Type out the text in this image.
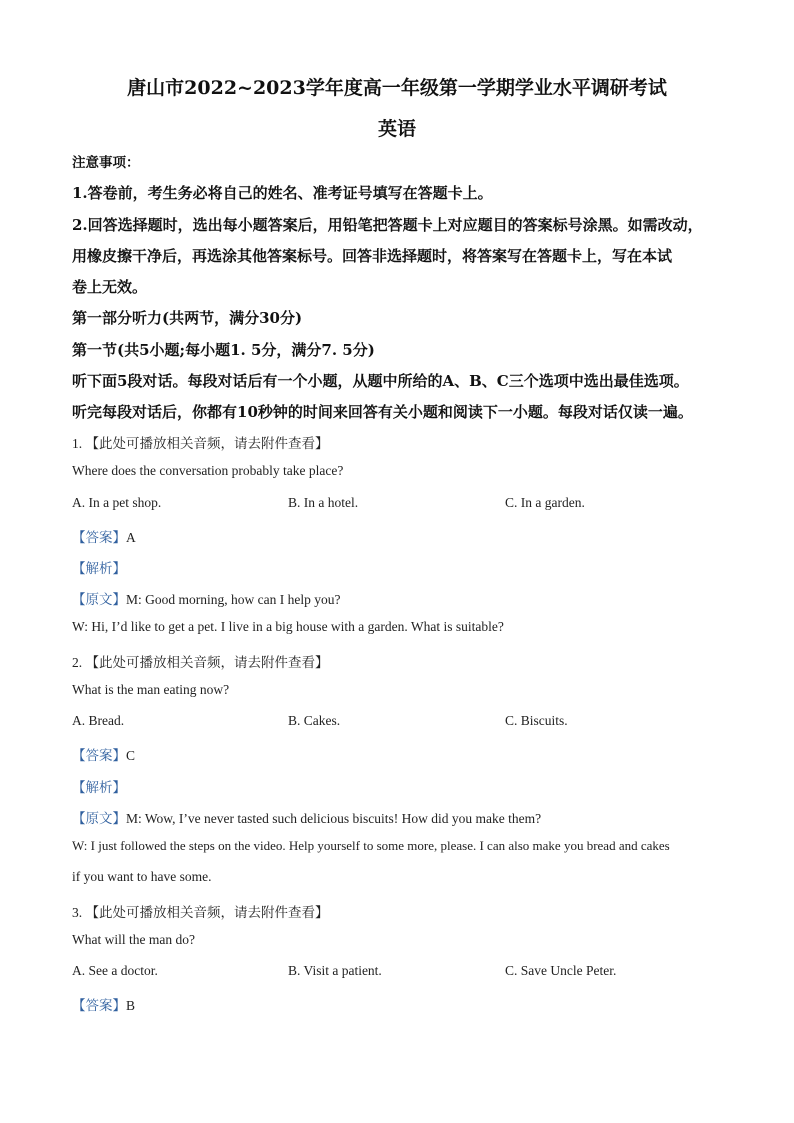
唐山市2022~2023学年度高一年级第一学期学业水平调研考试
英语
注意事项：
1.答卷前，考生务必将自己的姓名、准考证号填写在答题卡上。
2.回答选择题时，选出每小题答案后，用铅笔把答题卡上对应题目的答案标号涂黑。如需改动，
用橡皮擦干净后，再选涂其他答案标号。回答非选择题时，将答案写在答题卡上，写在本试
卷上无效。
第一部分听力(共两节，满分30分)
第一节(共5小题;每小题1. 5分，满分7. 5分)
听下面5段对话。每段对话后有一个小题，从题中所给的A、B、C三个选项中选出最佳选项。
听完每段对话后，你都有10秒钟的时间来回答有关小题和阅读下一小题。每段对话仅读一遍。
1. 【此处可播放相关音频，请去附件查看】
Where does the conversation probably take place?
A. In a pet shop.	B. In a hotel.	C. In a garden.
【答案】A
【解析】
【原文】M: Good morning, how can I help you?
W: Hi, I’d like to get a pet. I live in a big house with a garden. What is suitable?
2. 【此处可播放相关音频，请去附件查看】
What is the man eating now?
A. Bread.	B. Cakes.	C. Biscuits.
【答案】C
【解析】
【原文】M: Wow, I’ve never tasted such delicious biscuits! How did you make them?
W: I just followed the steps on the video. Help yourself to some more, please. I can also make you bread and cakes
if you want to have some.
3. 【此处可播放相关音频，请去附件查看】
What will the man do?
A. See a doctor.	B. Visit a patient.	C. Save Uncle Peter.
【答案】B
